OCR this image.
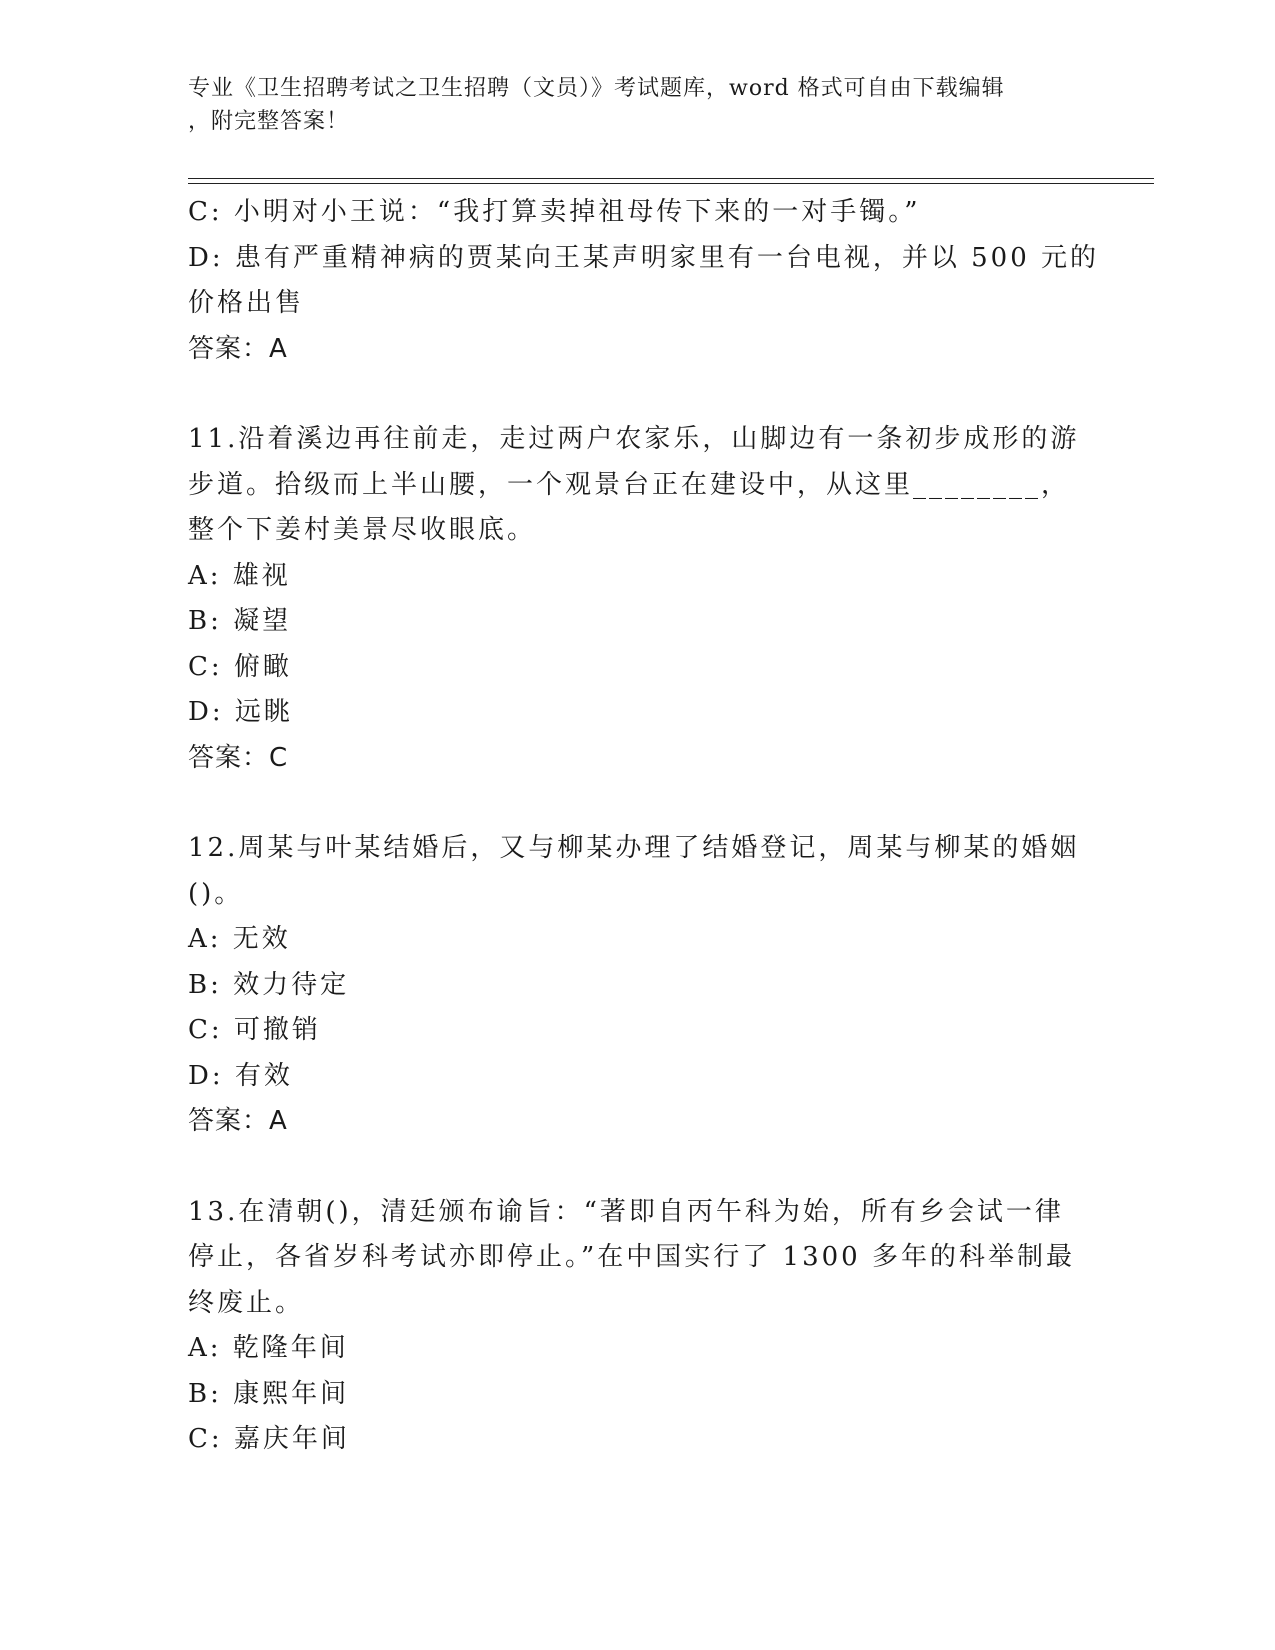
专业《卫生招聘考试之卫生招聘（文员）》考试题库，word 格式可自由下载编辑
，附完整答案！
C: 小明对小王说：“我打算卖掉祖母传下来的一对手镯。”
D: 患有严重精神病的贾某向王某声明家里有一台电视，并以 500 元的
价格出售
答案：A
11.沿着溪边再往前走，走过两户农家乐，山脚边有一条初步成形的游
步道。拾级而上半山腰，一个观景台正在建设中，从这里________，
整个下姜村美景尽收眼底。
A: 雄视
B: 凝望
C: 俯瞰
D: 远眺
答案：C
12.周某与叶某结婚后，又与柳某办理了结婚登记，周某与柳某的婚姻
()。
A: 无效
B: 效力待定
C: 可撤销
D: 有效
答案：A
13.在清朝()，清廷颁布谕旨：“著即自丙午科为始，所有乡会试一律
停止，各省岁科考试亦即停止。”在中国实行了 1300 多年的科举制最
终废止。
A: 乾隆年间
B: 康熙年间
C: 嘉庆年间
